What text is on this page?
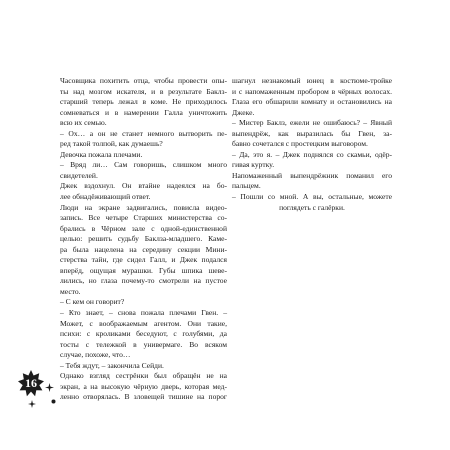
Часовщика похитить отца, чтобы провести опы-
ты над мозгом искателя, и в результате Баклз-
старший теперь лежал в коме. Не приходилось
сомневаться и в намерении Галла уничтожить
всю их семью.
– Ох… а он не станет немного вытворить пе-
ред такой толпой, как думаешь?
Девочка пожала плечами.
– Вряд ли… Сам говоришь, слишком много
свидетелей.
Джек вздохнул. Он втайне надеялся на бо-
лее обнадёживающий ответ.
Люди на экране задвигались, повисла видео-
запись. Все четыре Старших министерства со-
брались в Чёрном зале с одной-единственной
целью: решить судьбу Баклза-младшего. Каме-
ра была нацелена на середину секции Мини-
стерства тайн, где сидел Галл, и Джек подался
вперёд, ощущая мурашки. Губы шпика шеве-
лились, но глаза почему-то смотрели на пустое
место.
– С кем он говорит?
– Кто знает, – снова пожала плечами Гвен. –
Может, с воображаемым агентом. Они такие,
психи: с кроликами беседуют, с голубями, да
тосты с тележкой в универмаге. Во всяком
случае, похоже, что…
– Тебя ждут, – закончила Сейди.
Однако взгляд сестрёнки был обращён не на
экран, а на высокую чёрную дверь, которая мед-
ленно отворялась. В зловещей тишине на порог
шагнул незнакомый юнец в костюме-тройке
и с напомаженным пробором в чёрных волосах.
Глаза его обшарили комнату и остановились на
Джеке.
– Мистер Баклз, ежели не ошибаюсь? – Явный
выпендрёж, как выразилась бы Гвен, за-
бавно сочетался с простецким выговором.
– Да, это я. – Джек поднялся со скамьи, одёр-
гивая куртку.
Напомаженный выпендрёжник поманил его
пальцем.
– Пошли со мной. А вы, остальные, можете
поглядеть с галёрки.
16
